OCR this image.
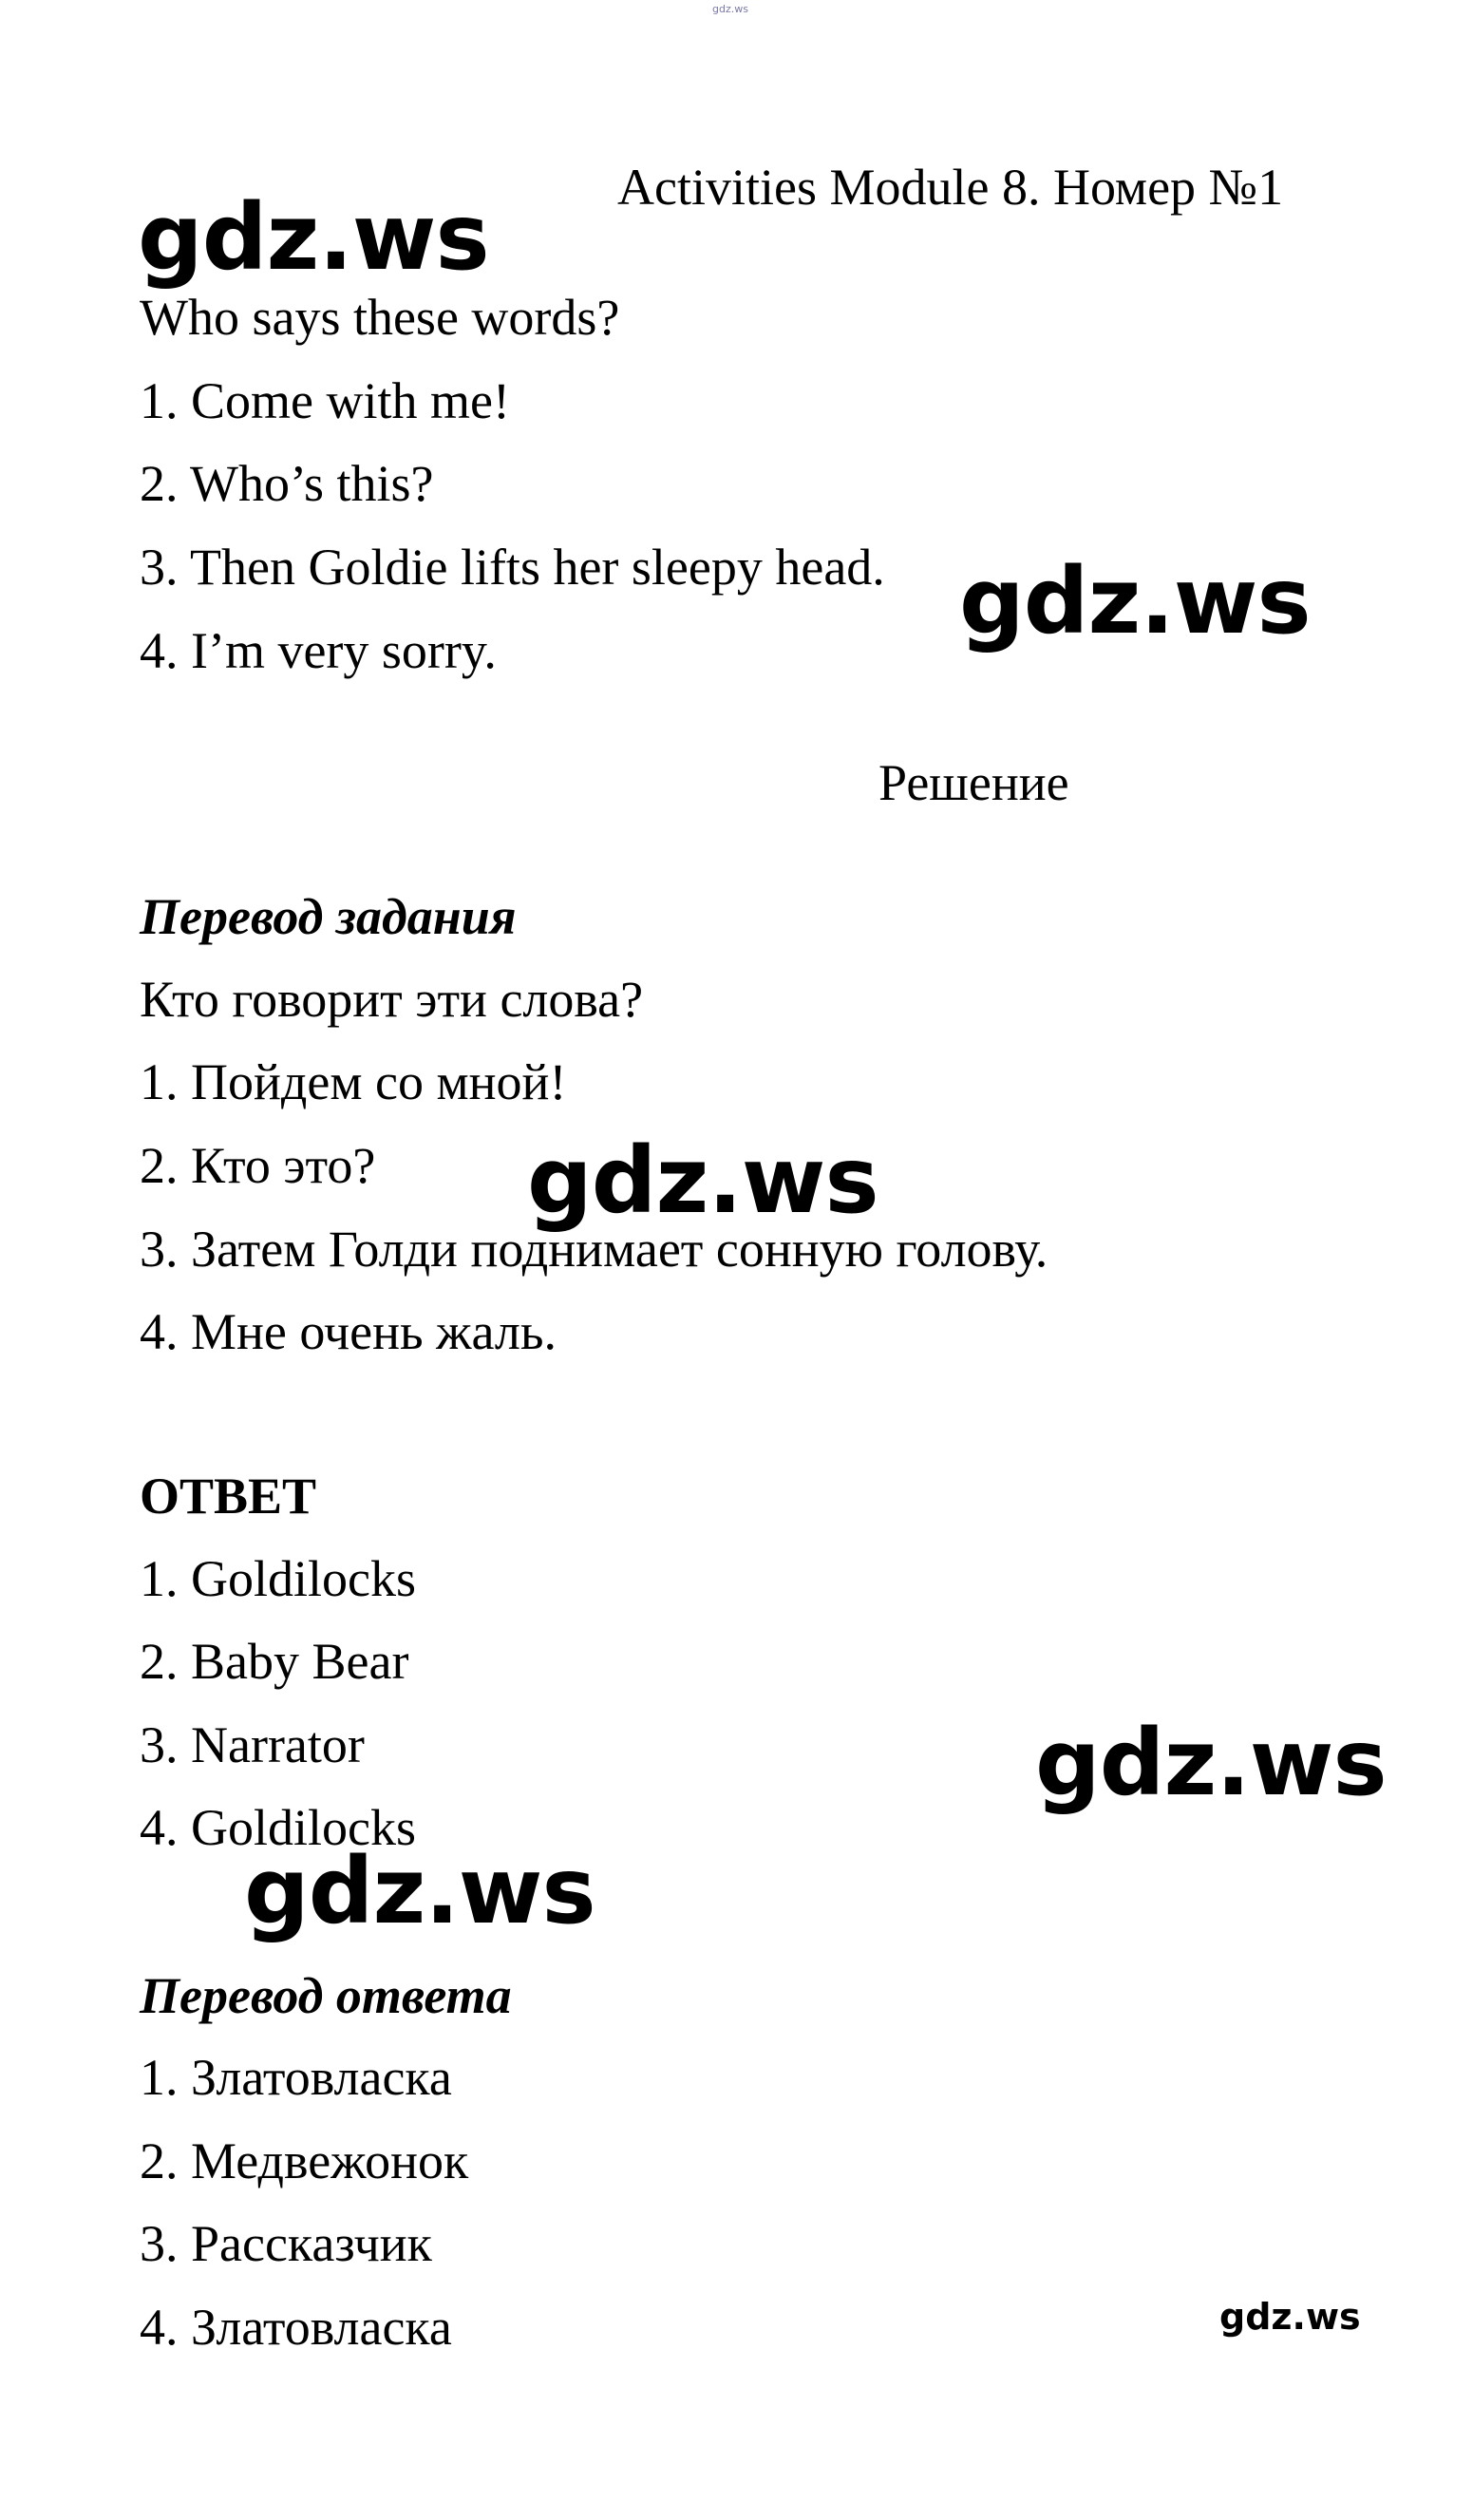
gdz.ws
Activities Module 8. Номер №1
gdz.ws
Who says these words?
1. Come with me!
2. Who’s this?
3. Then Goldie lifts her sleepy head.
4. I’m very sorry.	gdz.ws
Решение
Перевод задания
Кто говорит эти слова?
1. Пойдем со мной!
2. Кто это?
3. Затем Голди поднимает сонную голову.
4. Мне очень жаль.
gdz.ws
ОТВЕТ
1. Goldilocks
2. Baby Bear
3. Narrator
4. Goldilocks
gdz.ws
gdz.ws
Перевод ответа
1. Златовласка
2. Медвежонок
3. Рассказчик
4. Златовласка	gdz.ws
